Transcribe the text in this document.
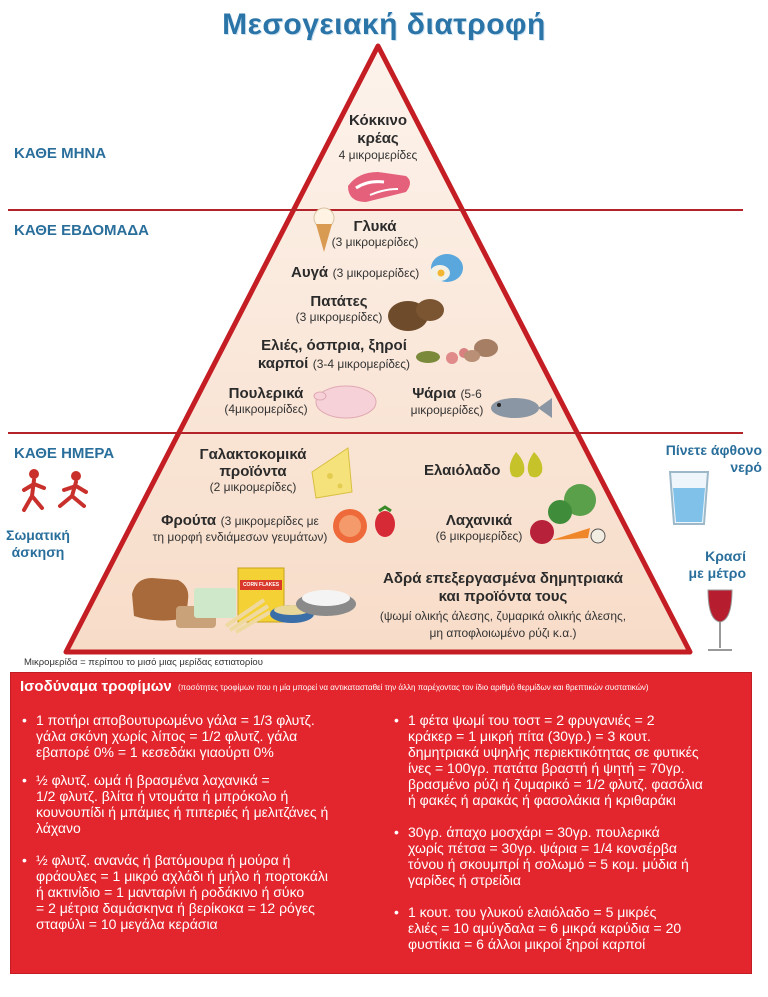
Μεσογειακή διατροφή
ΚΑΘΕ ΜΗΝΑ
ΚΑΘΕ ΕΒΔΟΜΑΔΑ
ΚΑΘΕ ΗΜΕΡΑ
Σωματική
άσκηση
Πίνετε άφθονο
νερό
Κρασί
με μέτρο
Κόκκινο
κρέας
4 μικρομερίδες
Γλυκά
(3 μικρομερίδες)
Αυγά (3 μικρομερίδες)
Πατάτες
(3 μικρομερίδες)
Ελιές, όσπρια, ξηροί
καρποί (3-4 μικρομερίδες)
Πουλερικά
(4μικρομερίδες)
Ψάρια (5-6
μικρομερίδες)
Γαλακτοκομικά
προϊόντα
(2 μικρομερίδες)
Ελαιόλαδο
Φρούτα (3 μικρομερίδες με
τη μορφή ενδιάμεσων γευμάτων)
Λαχανικά
(6 μικρομερίδες)
Αδρά επεξεργασμένα δημητριακά
και προϊόντα τους
(ψωμί ολικής άλεσης, ζυμαρικά ολικής άλεσης,
μη αποφλοιωμένο ρύζι κ.α.)
CORN FLAKES
Μικρομερίδα = περίπου το μισό μιας μερίδας εστιατορίου
Ισοδύναμα τροφίμων (ποσότητες τροφίμων που η μία μπορεί να αντικατασταθεί την άλλη παρέχοντας τον ίδιο αριθμό θερμίδων και θρεπτικών συστατικών)
• 1 ποτήρι αποβουτυρωμένο γάλα = 1/3 φλυτζ.
γάλα σκόνη χωρίς λίπος = 1/2 φλυτζ. γάλα
εβαπορέ 0% = 1 κεσεδάκι γιαούρτι 0%
• ½ φλυτζ. ωμά ή βρασμένα λαχανικά =
1/2 φλυτζ. βλίτα ή ντομάτα ή μπρόκολο ή
κουνουπίδι ή μπάμιες ή πιπεριές ή μελιτζάνες ή
λάχανο
• ½ φλυτζ. ανανάς ή βατόμουρα ή μούρα ή
φράουλες = 1 μικρό αχλάδι ή μήλο ή πορτοκάλι
ή ακτινίδιο = 1 μανταρίνι ή ροδάκινο ή σύκο
= 2 μέτρια δαμάσκηνα ή βερίκοκα = 12 ρόγες
σταφύλι = 10 μεγάλα κεράσια
• 1 φέτα ψωμί του τοστ = 2 φρυγανιές = 2
κράκερ = 1 μικρή πίτα (30γρ.) = 3 κουτ.
δημητριακά υψηλής περιεκτικότητας σε φυτικές
ίνες = 100γρ. πατάτα βραστή ή ψητή = 70γρ.
βρασμένο ρύζι ή ζυμαρικό = 1/2 φλυτζ. φασόλια
ή φακές ή αρακάς ή φασολάκια ή κριθαράκι
• 30γρ. άπαχο μοσχάρι = 30γρ. πουλερικά
χωρίς πέτσα = 30γρ. ψάρια = 1/4 κονσέρβα
τόνου ή σκουμπρί ή σολωμό = 5 κομ. μύδια ή
γαρίδες ή στρείδια
• 1 κουτ. του γλυκού ελαιόλαδο = 5 μικρές
ελιές = 10 αμύγδαλα = 6 μικρά καρύδια = 20
φυστίκια = 6 άλλοι μικροί ξηροί καρποί
